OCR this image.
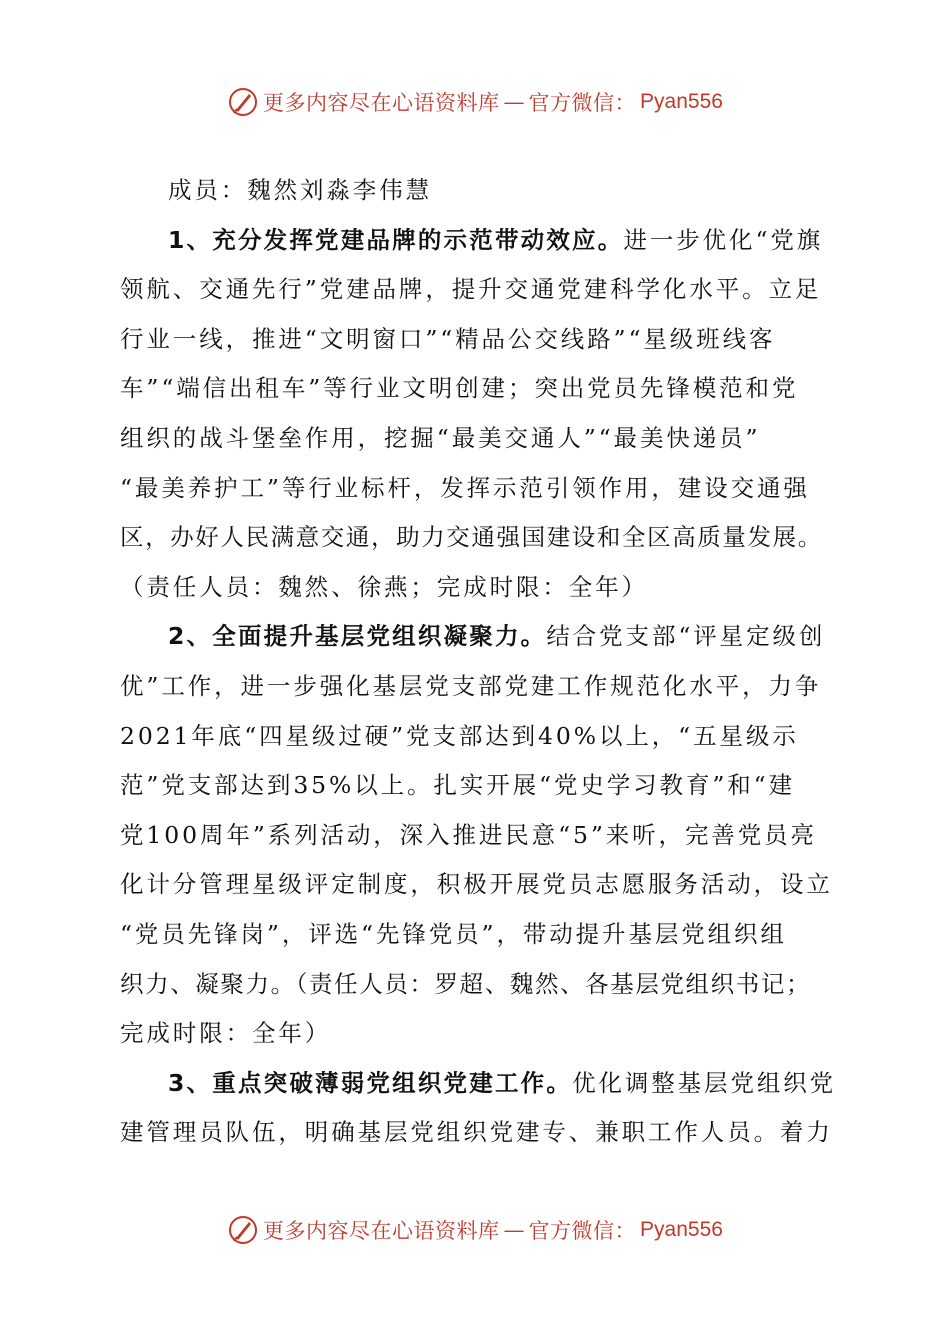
更多内容尽在心语资料库 — 官方微信： Pyan556
成员：魏然刘淼李伟慧
1、充分发挥党建品牌的示范带动效应。进一步优化“党旗
领航、交通先行”党建品牌，提升交通党建科学化水平。立足
行业一线，推进“文明窗口”“精品公交线路”“星级班线客
车”“端信出租车”等行业文明创建；突出党员先锋模范和党
组织的战斗堡垒作用，挖掘“最美交通人”“最美快递员”
“最美养护工”等行业标杆，发挥示范引领作用，建设交通强
区，办好人民满意交通，助力交通强国建设和全区高质量发展。
（责任人员：魏然、徐燕；完成时限：全年）
2、全面提升基层党组织凝聚力。结合党支部“评星定级创
优”工作，进一步强化基层党支部党建工作规范化水平，力争
2021年底“四星级过硬”党支部达到40%以上，“五星级示
范”党支部达到35%以上。扎实开展“党史学习教育”和“建
党100周年”系列活动，深入推进民意“5”来听，完善党员亮
化计分管理星级评定制度，积极开展党员志愿服务活动，设立
“党员先锋岗”，评选“先锋党员”，带动提升基层党组织组
织力、凝聚力。（责任人员：罗超、魏然、各基层党组织书记；
完成时限：全年）
3、重点突破薄弱党组织党建工作。优化调整基层党组织党
建管理员队伍，明确基层党组织党建专、兼职工作人员。着力
更多内容尽在心语资料库 — 官方微信： Pyan556
